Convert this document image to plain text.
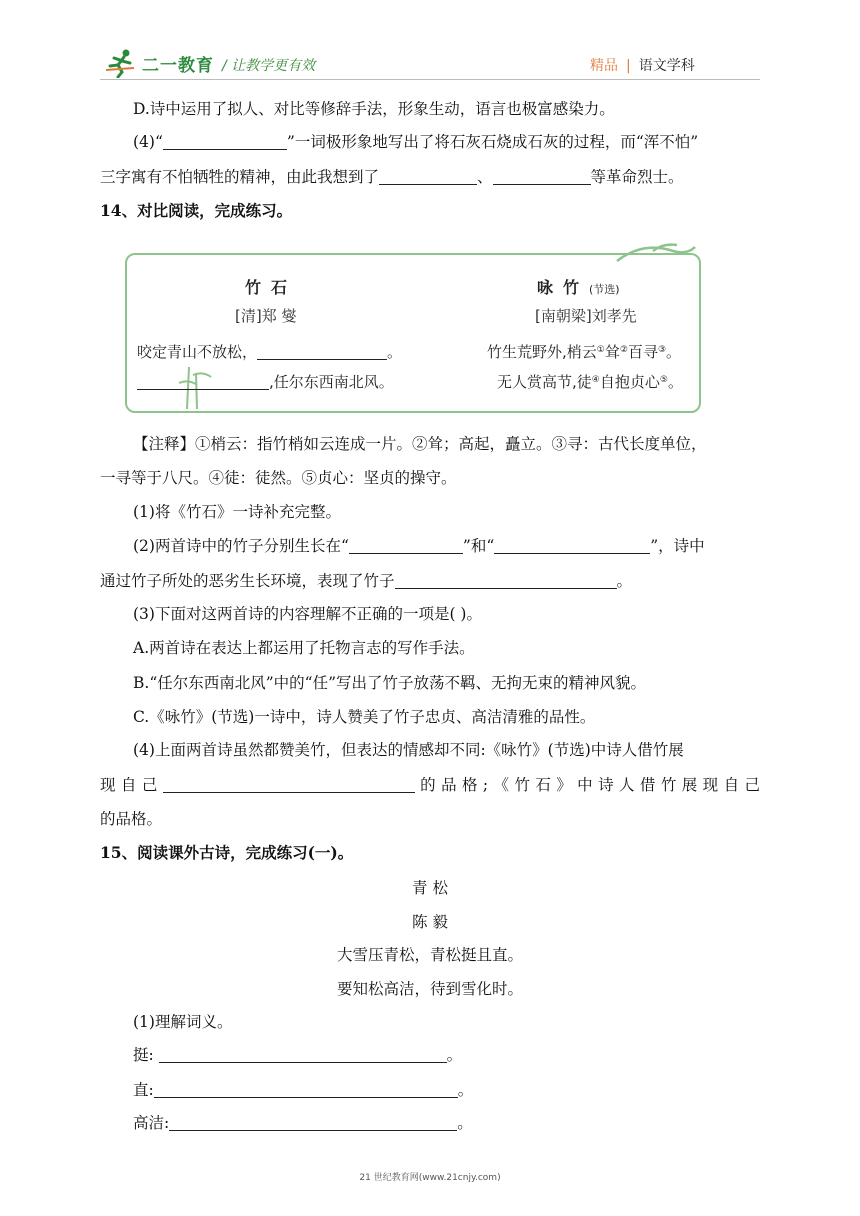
二一教育 / 让教学更有效	精品 | 语文学科
D.诗中运用了拟人、对比等修辞手法，形象生动，语言也极富感染力。
(4)“	”一词极形象地写出了将石灰石烧成石灰的过程，而“浑不怕”
三字寓有不怕牺牲的精神，由此我想到了	、	等革命烈士。
14、对比阅读，完成练习。
竹石
[清]郑 燮
咬定青山不放松，	。
,任尔东西南北风。
咏竹(节选)
[南朝梁]刘孝先
竹生荒野外,梢云①耸②百寻③。
无人赏高节,徒④自抱贞心⑤。
【注释】①梢云：指竹梢如云连成一片。②耸；高起，矗立。③寻：古代长度单位，
一寻等于八尺。④徒：徒然。⑤贞心：坚贞的操守。
(1)将《竹石》一诗补充完整。
(2)两首诗中的竹子分别生长在“	”和“	”，诗中
通过竹子所处的恶劣生长环境，表现了竹子	。
(3)下面对这两首诗的内容理解不正确的一项是( )。
A.两首诗在表达上都运用了托物言志的写作手法。
B.“任尔东西南北风”中的“任”写出了竹子放荡不羁、无拘无束的精神风貌。
C.《咏竹》(节选)一诗中，诗人赞美了竹子忠贞、高洁清雅的品性。
(4)上面两首诗虽然都赞美竹，但表达的情感却不同:《咏竹》(节选)中诗人借竹展
现自己	的品格;《竹石》中诗人借竹展现自己
的品格。
15、阅读课外古诗，完成练习(一)。
青 松
陈 毅
大雪压青松，青松挺且直。
要知松高洁，待到雪化时。
(1)理解词义。
挺:	。
直:	。
高洁:	。
21 世纪教育网(www.21cnjy.com)
